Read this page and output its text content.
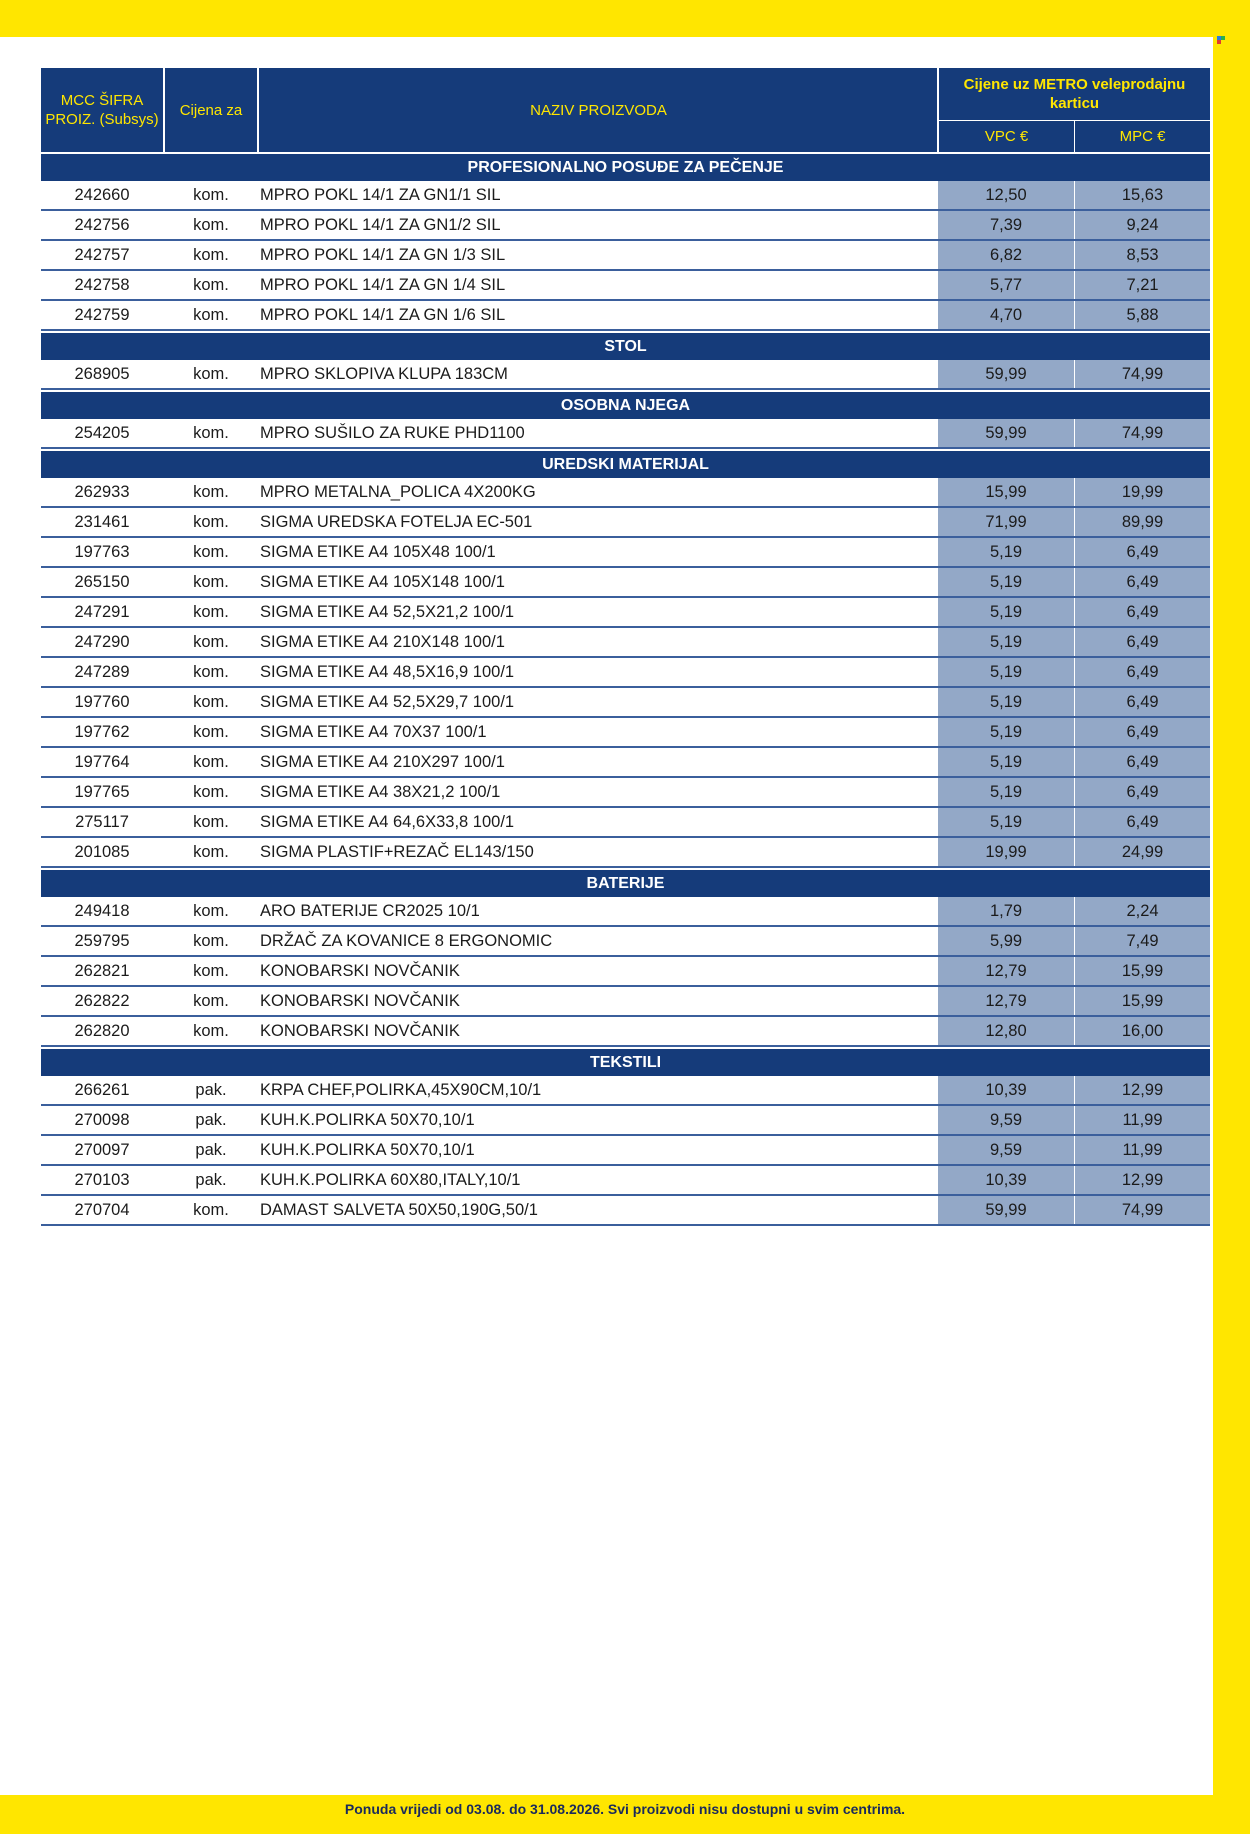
MCC ŠIFRA PROIZ. (Subsys)
Cijena za	NAZIV PROIZVODA
Cijene uz METRO veleprodajnu karticu
VPC €	MPC €
PROFESIONALNO POSUĐE ZA PEČENJE
242660	kom.	MPRO POKL 14/1 ZA GN1/1 SIL	12,50	15,63
242756	kom.	MPRO POKL 14/1 ZA GN1/2 SIL	7,39	9,24
242757	kom.	MPRO POKL 14/1 ZA GN 1/3 SIL	6,82	8,53
242758	kom.	MPRO POKL 14/1 ZA GN 1/4 SIL	5,77	7,21
242759	kom.	MPRO POKL 14/1 ZA GN 1/6 SIL	4,70	5,88
STOL
268905	kom.	MPRO SKLOPIVA KLUPA 183CM	59,99	74,99
OSOBNA NJEGA
254205	kom.	MPRO SUŠILO ZA RUKE PHD1100	59,99	74,99
UREDSKI MATERIJAL
262933	kom.	MPRO METALNA_POLICA 4X200KG	15,99	19,99
231461	kom.	SIGMA UREDSKA FOTELJA EC-501	71,99	89,99
197763	kom.	SIGMA ETIKE A4 105X48 100/1	5,19	6,49
265150	kom.	SIGMA ETIKE A4 105X148 100/1	5,19	6,49
247291	kom.	SIGMA ETIKE A4 52,5X21,2 100/1	5,19	6,49
247290	kom.	SIGMA ETIKE A4 210X148 100/1	5,19	6,49
247289	kom.	SIGMA ETIKE A4 48,5X16,9 100/1	5,19	6,49
197760	kom.	SIGMA ETIKE A4 52,5X29,7 100/1	5,19	6,49
197762	kom.	SIGMA ETIKE A4 70X37 100/1	5,19	6,49
197764	kom.	SIGMA ETIKE A4 210X297 100/1	5,19	6,49
197765	kom.	SIGMA ETIKE A4 38X21,2 100/1	5,19	6,49
275117	kom.	SIGMA ETIKE A4 64,6X33,8 100/1	5,19	6,49
201085	kom.	SIGMA PLASTIF+REZAČ EL143/150	19,99	24,99
BATERIJE
249418	kom.	ARO BATERIJE CR2025 10/1	1,79	2,24
259795	kom.	DRŽAČ ZA KOVANICE 8 ERGONOMIC	5,99	7,49
262821	kom.	KONOBARSKI NOVČANIK	12,79	15,99
262822	kom.	KONOBARSKI NOVČANIK	12,79	15,99
262820	kom.	KONOBARSKI NOVČANIK	12,80	16,00
TEKSTILI
266261	pak.	KRPA CHEF,POLIRKA,45X90CM,10/1	10,39	12,99
270098	pak.	KUH.K.POLIRKA 50X70,10/1	9,59	11,99
270097	pak.	KUH.K.POLIRKA 50X70,10/1	9,59	11,99
270103	pak.	KUH.K.POLIRKA 60X80,ITALY,10/1	10,39	12,99
270704	kom.	DAMAST SALVETA 50X50,190G,50/1	59,99	74,99
Ponuda vrijedi od 03.08. do 31.08.2026. Svi proizvodi nisu dostupni u svim centrima.
